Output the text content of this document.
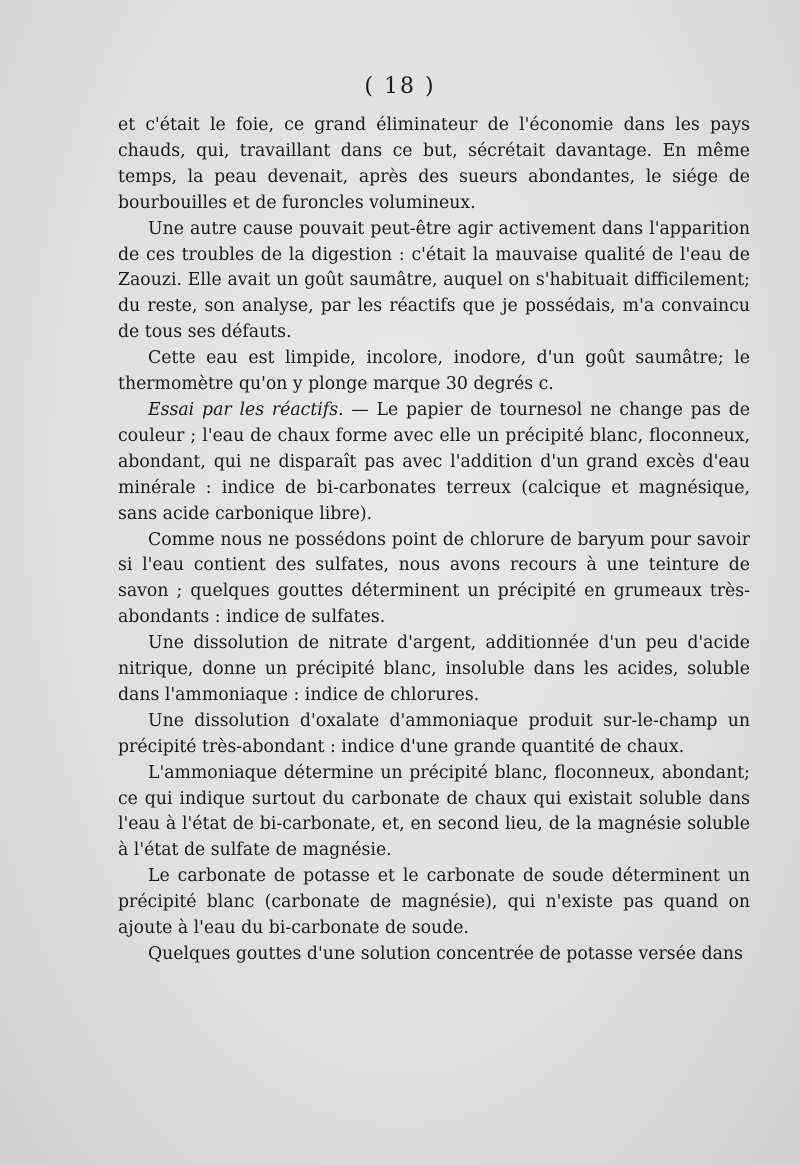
( 18 )

et c'était le foie, ce grand éliminateur de l'économie dans les pays chauds, qui, travaillant dans ce but, sécrétait davantage. En même temps, la peau devenait, après des sueurs abondantes, le siége de bourbouilles et de furoncles volumineux.

Une autre cause pouvait peut-être agir activement dans l'apparition de ces troubles de la digestion : c'était la mauvaise qualité de l'eau de Zaouzi. Elle avait un goût saumâtre, auquel on s'habituait difficilement; du reste, son analyse, par les réactifs que je possédais, m'a convaincu de tous ses défauts.

Cette eau est limpide, incolore, inodore, d'un goût saumâtre; le thermomètre qu'on y plonge marque 30 degrés c.

Essai par les réactifs. — Le papier de tournesol ne change pas de couleur ; l'eau de chaux forme avec elle un précipité blanc, floconneux, abondant, qui ne disparaît pas avec l'addition d'un grand excès d'eau minérale : indice de bi-carbonates terreux (calcique et magnésique, sans acide carbonique libre).

Comme nous ne possédons point de chlorure de baryum pour savoir si l'eau contient des sulfates, nous avons recours à une teinture de savon ; quelques gouttes déterminent un précipité en grumeaux très-abondants : indice de sulfates.

Une dissolution de nitrate d'argent, additionnée d'un peu d'acide nitrique, donne un précipité blanc, insoluble dans les acides, soluble dans l'ammoniaque : indice de chlorures.

Une dissolution d'oxalate d'ammoniaque produit sur-le-champ un précipité très-abondant : indice d'une grande quantité de chaux.

L'ammoniaque détermine un précipité blanc, floconneux, abondant; ce qui indique surtout du carbonate de chaux qui existait soluble dans l'eau à l'état de bi-carbonate, et, en second lieu, de la magnésie soluble à l'état de sulfate de magnésie.

Le carbonate de potasse et le carbonate de soude déterminent un précipité blanc (carbonate de magnésie), qui n'existe pas quand on ajoute à l'eau du bi-carbonate de soude.

Quelques gouttes d'une solution concentrée de potasse versée dans
